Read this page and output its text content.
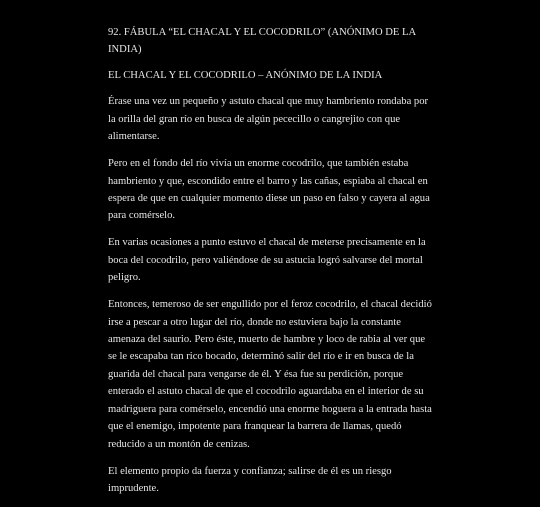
92. FÁBULA “EL CHACAL Y EL COCODRILO” (ANÓNIMO DE LA INDIA)

EL CHACAL Y EL COCODRILO – ANÓNIMO DE LA INDIA

Érase una vez un pequeño y astuto chacal que muy hambriento rondaba por la orilla del gran río en busca de algún pececillo o cangrejito con que alimentarse.

Pero en el fondo del río vivía un enorme cocodrilo, que también estaba hambriento y que, escondido entre el barro y las cañas, espiaba al chacal en espera de que en cualquier momento diese un paso en falso y cayera al agua para comérselo.

En varias ocasiones a punto estuvo el chacal de meterse precisamente en la boca del cocodrilo, pero valiéndose de su astucia logró salvarse del mortal peligro.

Entonces, temeroso de ser engullido por el feroz cocodrilo, el chacal decidió irse a pescar a otro lugar del río, donde no estuviera bajo la constante amenaza del saurio. Pero éste, muerto de hambre y loco de rabia al ver que se le escapaba tan rico bocado, determinó salir del río e ir en busca de la guarida del chacal para vengarse de él. Y ésa fue su perdición, porque enterado el astuto chacal de que el cocodrilo aguardaba en el interior de su madriguera para comérselo, encendió una enorme hoguera a la entrada hasta que el enemigo, impotente para franquear la barrera de llamas, quedó reducido a un montón de cenizas.

El elemento propio da fuerza y confianza; salirse de él es un riesgo imprudente.
